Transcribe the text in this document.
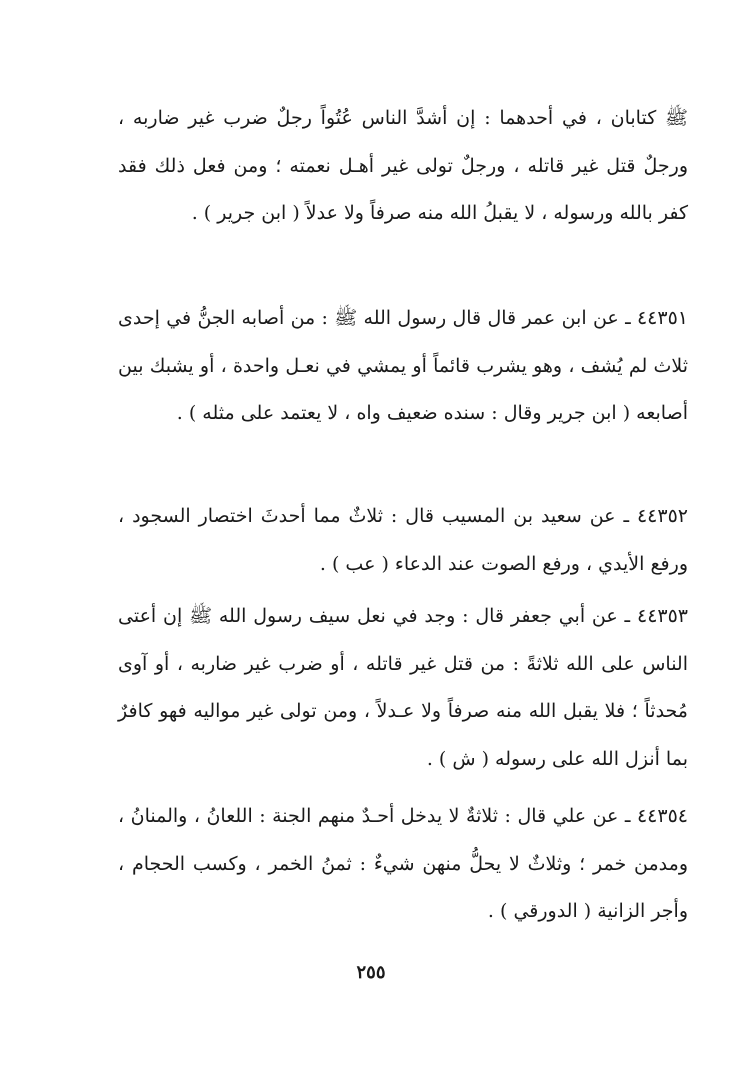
ﷺ كتابان ، في أحدهما : إن أشدَّ الناس عُتُواً رجلٌ ضرب غير ضاربه ، ورجلٌ قتل غير قاتله ، ورجلٌ تولى غير أهـل نعمته ؛ ومن فعل ذلك فقد كفر بالله ورسوله ، لا يقبلُ الله منه صرفاً ولا عدلاً ( ابن جرير ) .
٤٤٣٥١ ـ عن ابن عمر قال قال رسول الله ﷺ : من أصابه الجنُّ في إحدى ثلاث لم يُشف ، وهو يشرب قائماً أو يمشي في نعـل واحدة ، أو يشبك بين أصابعه ( ابن جرير وقال : سنده ضعيف واه ، لا يعتمد على مثله ) .
٤٤٣٥٢ ـ عن سعيد بن المسيب قال : ثلاثٌ مما أحدثَ اختصار السجود ، ورفع الأيدي ، ورفع الصوت عند الدعاء ( عب ) .
٤٤٣٥٣ ـ عن أبي جعفر قال : وجد في نعل سيف رسول الله ﷺ إن أعتى الناس على الله ثلاثةً : من قتل غير قاتله ، أو ضرب غير ضاربه ، أو آوى مُحدثاً ؛ فلا يقبل الله منه صرفاً ولا عـدلاً ، ومن تولى غير مواليه فهو كافرٌ بما أنزل الله على رسوله ( ش ) .
٤٤٣٥٤ ـ عن علي قال : ثلاثةٌ لا يدخل أحـدٌ منهم الجنة : اللعانُ ، والمنانُ ، ومدمن خمر ؛ وثلاثٌ لا يحلُّ منهن شيءٌ : ثمنُ الخمر ، وكسب الحجام ، وأجر الزانية ( الدورقي ) .
٢٥٥
